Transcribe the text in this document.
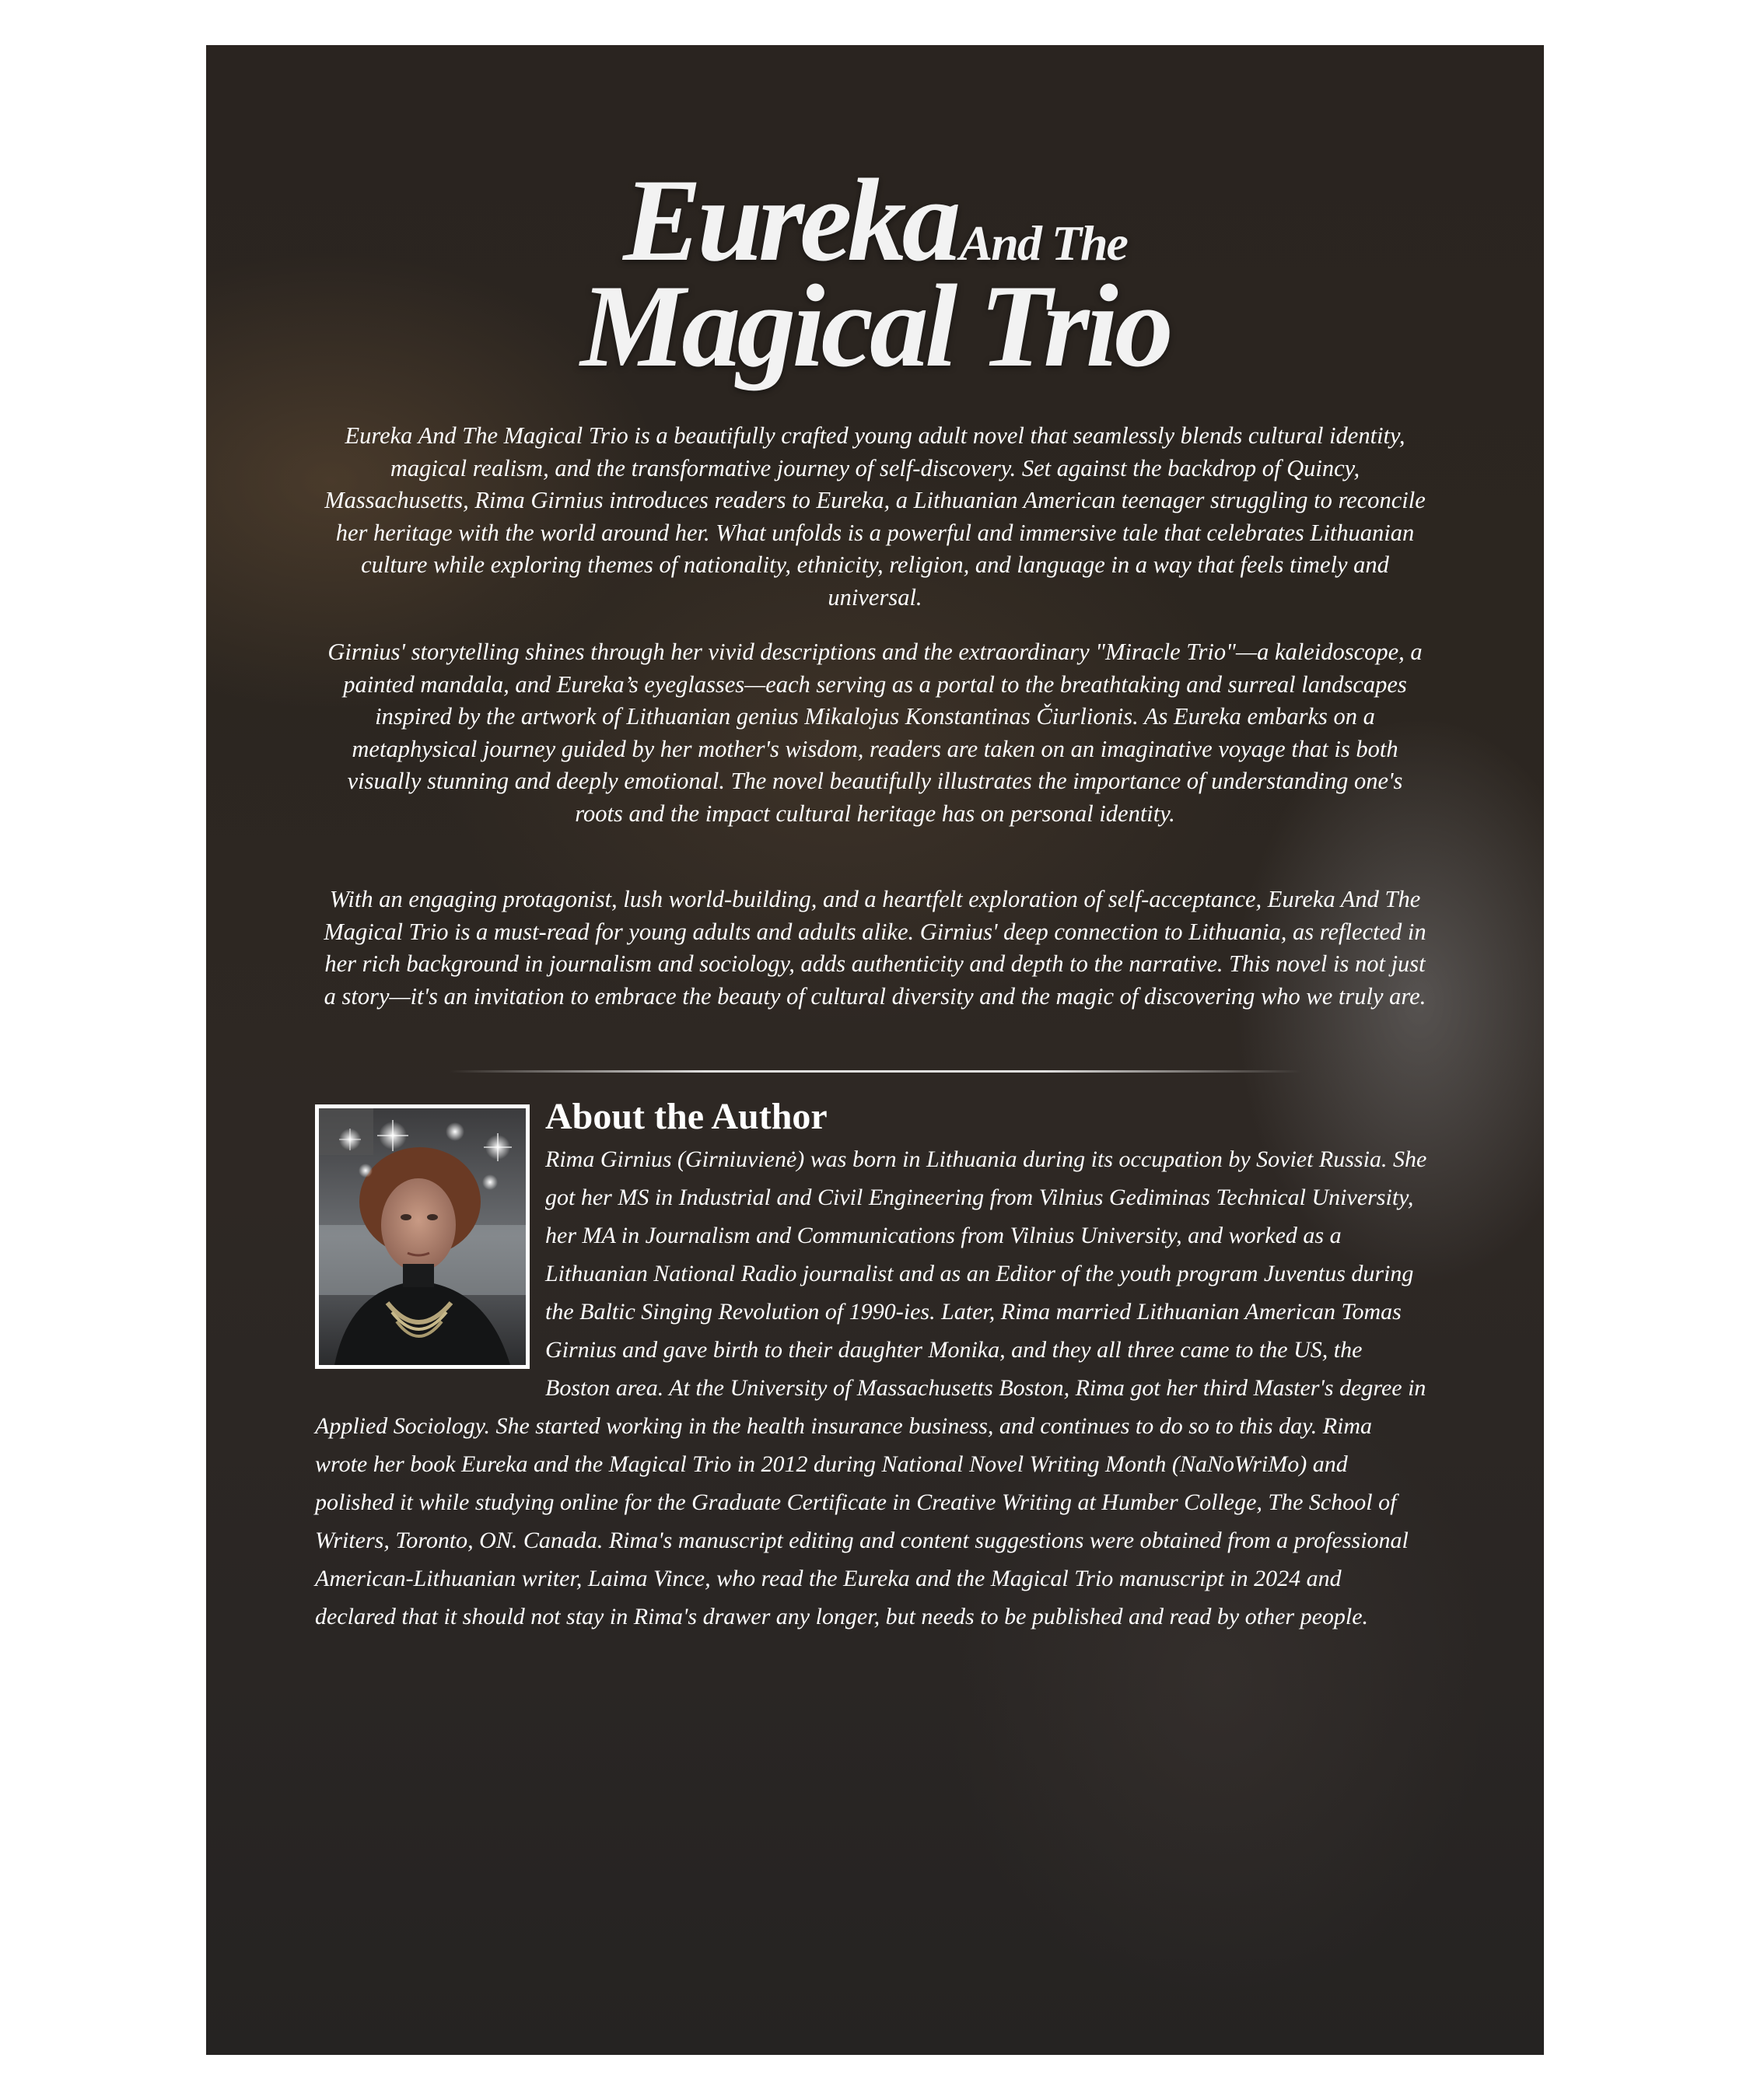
EurekaAnd The
Magical Trio

Eureka And The Magical Trio is a beautifully crafted young adult novel that seamlessly blends cultural identity, magical realism, and the transformative journey of self-discovery. Set against the backdrop of Quincy, Massachusetts, Rima Girnius introduces readers to Eureka, a Lithuanian American teenager struggling to reconcile her heritage with the world around her. What unfolds is a powerful and immersive tale that celebrates Lithuanian culture while exploring themes of nationality, ethnicity, religion, and language in a way that feels timely and universal.

Girnius' storytelling shines through her vivid descriptions and the extraordinary "Miracle Trio"—a kaleidoscope, a painted mandala, and Eureka’s eyeglasses—each serving as a portal to the breathtaking and surreal landscapes inspired by the artwork of Lithuanian genius Mikalojus Konstantinas Čiurlionis. As Eureka embarks on a metaphysical journey guided by her mother's wisdom, readers are taken on an imaginative voyage that is both visually stunning and deeply emotional. The novel beautifully illustrates the importance of understanding one's roots and the impact cultural heritage has on personal identity.

With an engaging protagonist, lush world-building, and a heartfelt exploration of self-acceptance, Eureka And The Magical Trio is a must-read for young adults and adults alike. Girnius' deep connection to Lithuania, as reflected in her rich background in journalism and sociology, adds authenticity and depth to the narrative. This novel is not just a story—it's an invitation to embrace the beauty of cultural diversity and the magic of discovering who we truly are.

About the Author

Rima Girnius (Girniuvienė) was born in Lithuania during its occupation by Soviet Russia. She got her MS in Industrial and Civil Engineering from Vilnius Gediminas Technical University, her MA in Journalism and Communications from Vilnius University, and worked as a Lithuanian National Radio journalist and as an Editor of the youth program Juventus during the Baltic Singing Revolution of 1990-ies. Later, Rima married Lithuanian American Tomas Girnius and gave birth to their daughter Monika, and they all three came to the US, the Boston area. At the University of Massachusetts Boston, Rima got her third Master's degree in Applied Sociology. She started working in the health insurance business, and continues to do so to this day. Rima wrote her book Eureka and the Magical Trio in 2012 during National Novel Writing Month (NaNoWriMo) and polished it while studying online for the Graduate Certificate in Creative Writing at Humber College, The School of Writers, Toronto, ON. Canada. Rima's manuscript editing and content suggestions were obtained from a professional American-Lithuanian writer, Laima Vince, who read the Eureka and the Magical Trio manuscript in 2024 and declared that it should not stay in Rima's drawer any longer, but needs to be published and read by other people.
